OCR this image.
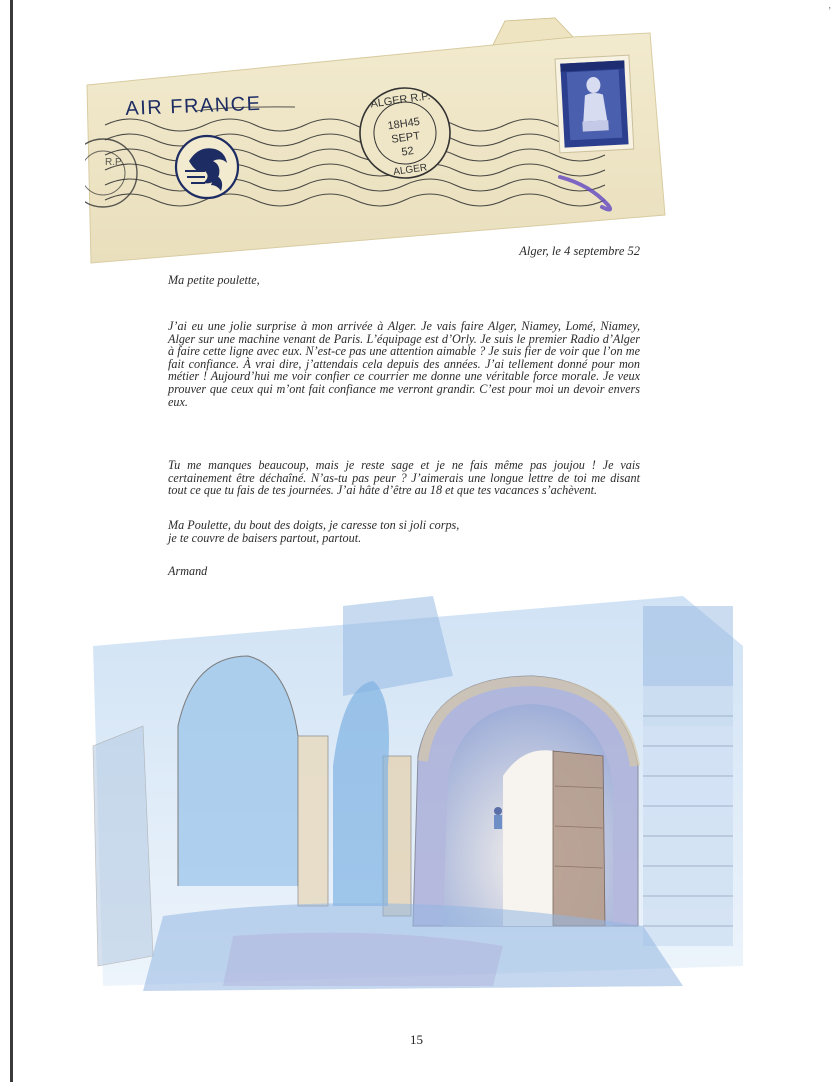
,
R.P.
ALGER R.P.
18H45
SEPT
52
ALGER
AIR FRANCE
Alger, le 4 septembre 52

Ma petite poulette,

J’ai eu une jolie surprise à mon arrivée à Alger. Je vais faire Alger, Niamey, Lomé, Niamey, Alger sur une machine venant de Paris. L’équipage est d’Orly. Je suis le premier Radio d’Alger à faire cette ligne avec eux. N’est-ce pas une attention aimable ? Je suis fier de voir que l’on me fait confiance. À vrai dire, j’attendais cela depuis des années. J’ai tellement donné pour mon métier ! Aujourd’hui me voir confier ce courrier me donne une véritable force morale. Je veux prouver que ceux qui m’ont fait confiance me verront grandir. C’est pour moi un devoir envers eux.

Tu me manques beaucoup, mais je reste sage et je ne fais même pas joujou ! Je vais certainement être déchaîné. N’as-tu pas peur ? J’aimerais une longue lettre de toi me disant tout ce que tu fais de tes journées. J’ai hâte d’être au 18 et que tes vacances s’achèvent.

Ma Poulette, du bout des doigts, je caresse ton si joli corps,

je te couvre de baisers partout, partout.

Armand

15
